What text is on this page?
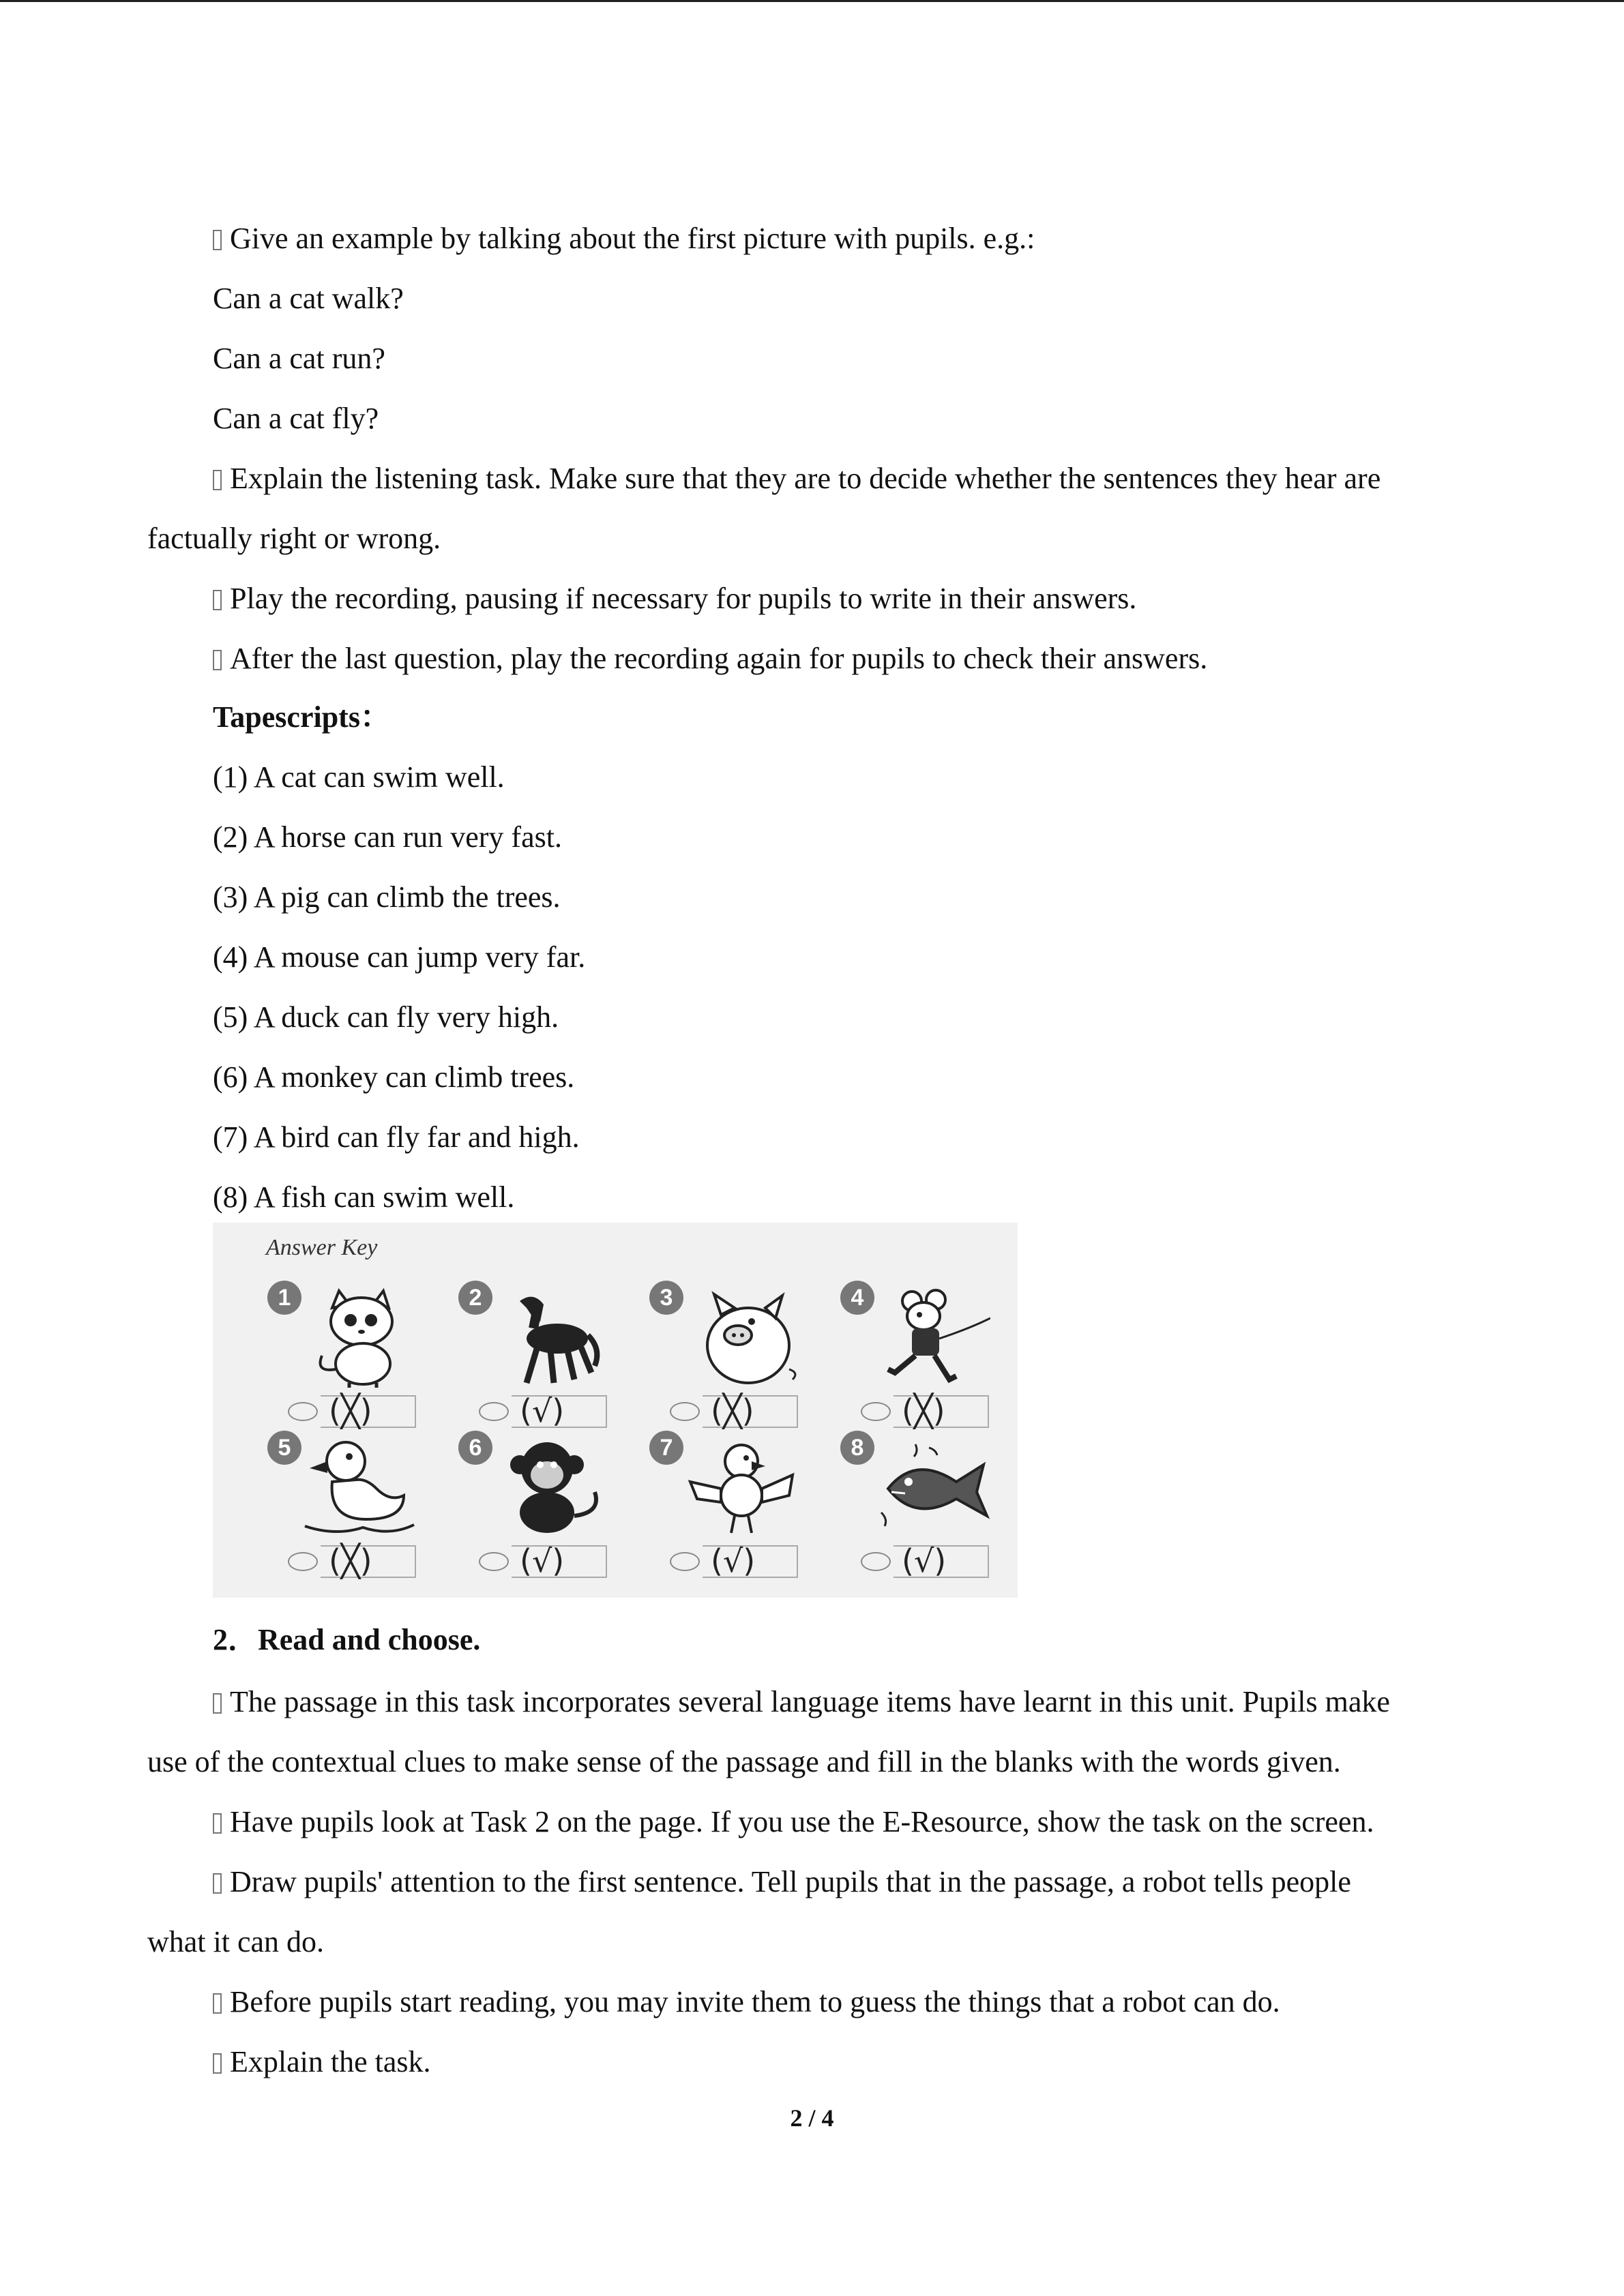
Give an example by talking about the first picture with pupils. e.g.:
Can a cat walk?
Can a cat run?
Can a cat fly?
Explain the listening task. Make sure that they are to decide whether the sentences they hear are
factually right or wrong.
Play the recording, pausing if necessary for pupils to write in their answers.
After the last question, play the recording again for pupils to check their answers.
Tapescripts：
(1) A cat can swim well.
(2) A horse can run very fast.
(3) A pig can climb the trees.
(4) A mouse can jump very far.
(5) A duck can fly very high.
(6) A monkey can climb trees.
(7) A bird can fly far and high.
(8) A fish can swim well.
Answer Key
1
(╳)
2
(√)
3
(╳)
4
(╳)
5
(╳)
6
(√)
7
(√)
8
(√)
2．Read and choose.
The passage in this task incorporates several language items have learnt in this unit. Pupils make
use of the contextual clues to make sense of the passage and fill in the blanks with the words given.
Have pupils look at Task 2 on the page. If you use the E-Resource, show the task on the screen.
Draw pupils' attention to the first sentence. Tell pupils that in the passage, a robot tells people
what it can do.
Before pupils start reading, you may invite them to guess the things that a robot can do.
Explain the task.
2 / 4
